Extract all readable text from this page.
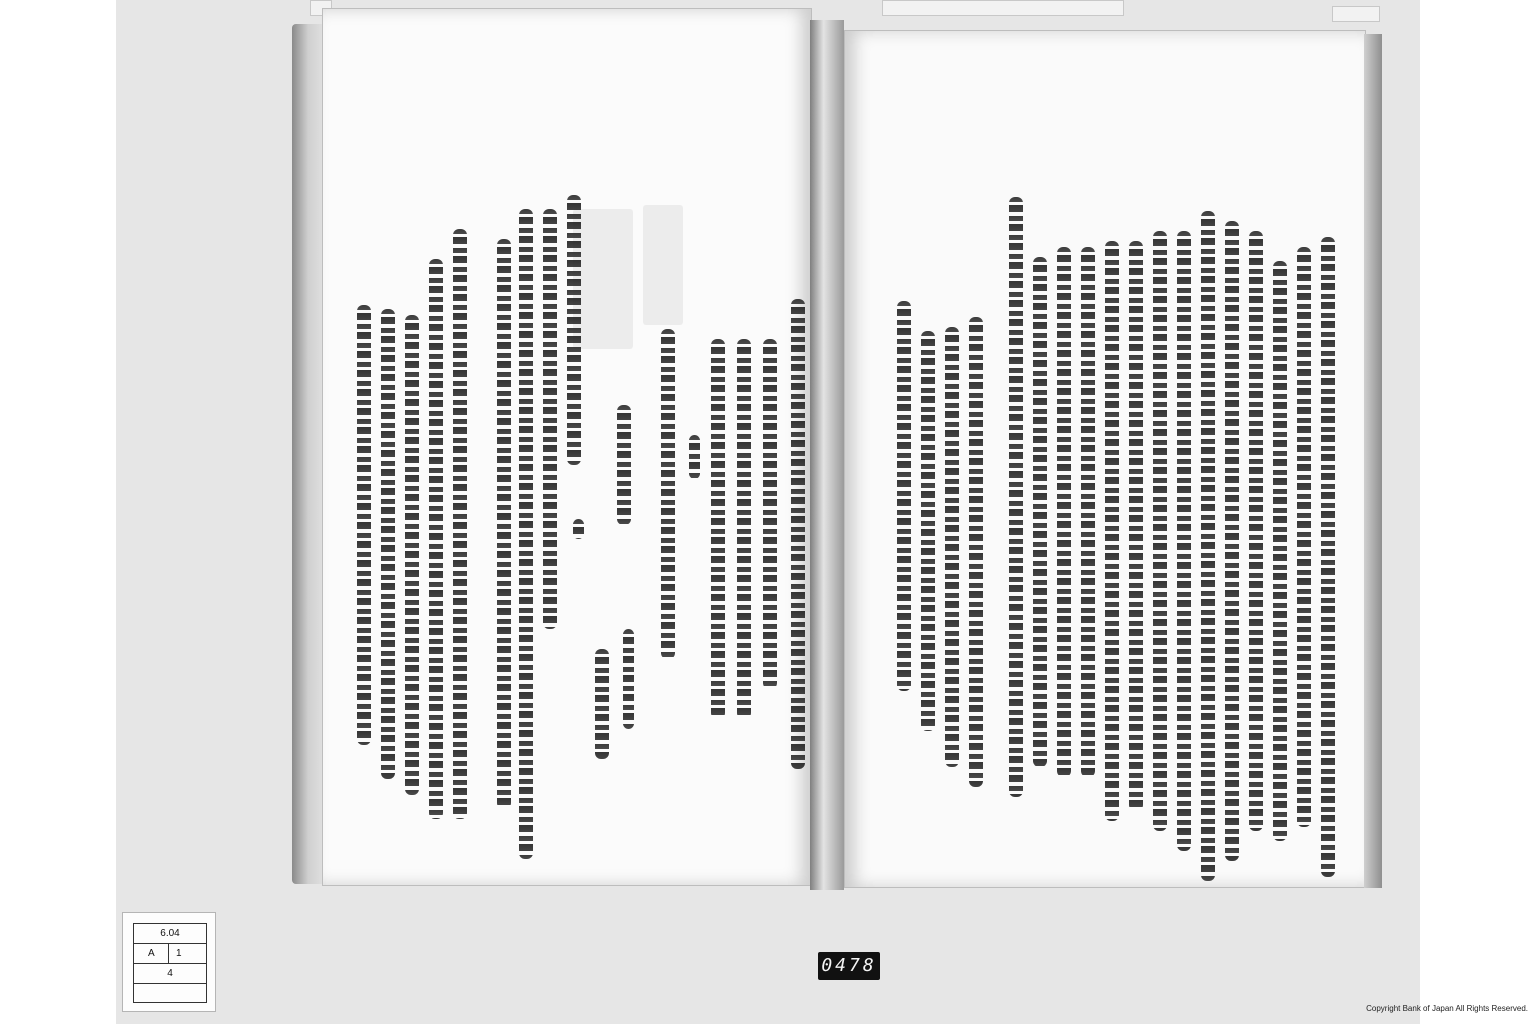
6.04
A 1
4	0478
Copyright Bank of Japan All Rights Reserved.
